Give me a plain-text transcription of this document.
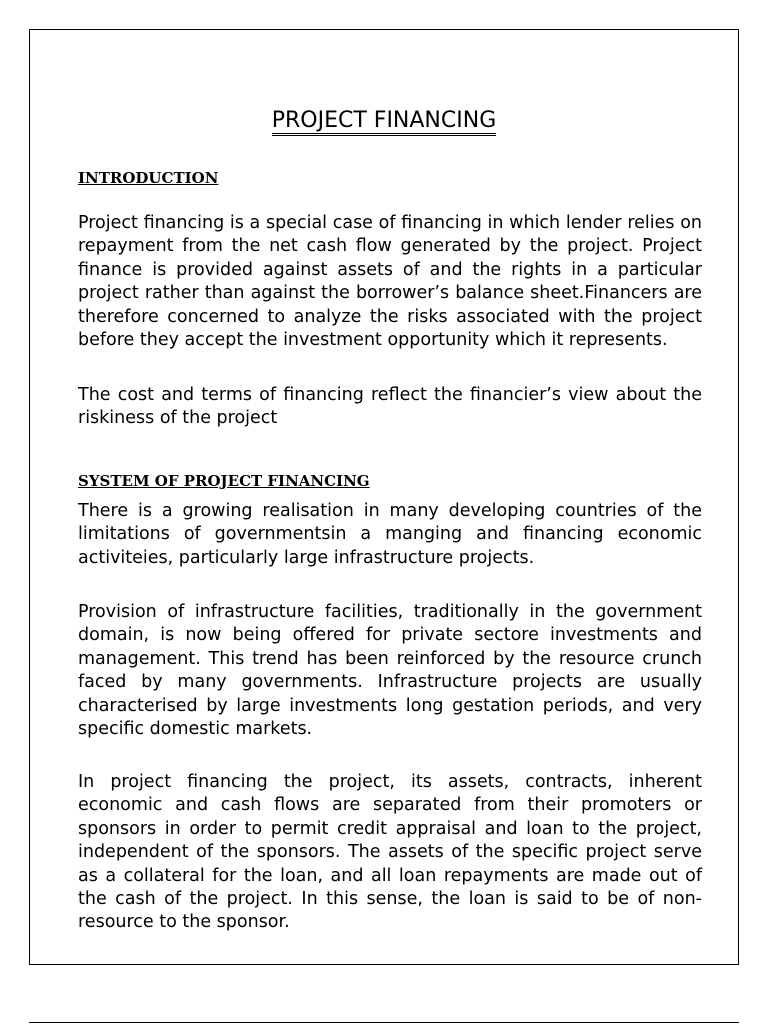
PROJECT FINANCING
INTRODUCTION

Project financing is a special case of financing in which lender relies on repayment from the net cash flow generated by the project. Project finance is provided against assets of and the rights in a particular project rather than against the borrower’s balance sheet.Financers are therefore concerned to analyze the risks associated with the project before they accept the investment opportunity which it represents.

The cost and terms of financing reflect the financier’s view about the riskiness of the project

SYSTEM OF PROJECT FINANCING

There is a growing realisation in many developing countries of the limitations of governmentsin a manging and financing economic activiteies, particularly large infrastructure projects.

Provision of infrastructure facilities, traditionally in the government domain, is now being offered for private sectore investments and management. This trend has been reinforced by the resource crunch faced by many governments. Infrastructure projects are usually characterised by large investments long gestation periods, and very specific domestic markets.

In project financing the project, its assets, contracts, inherent economic and cash flows are separated from their promoters or sponsors in order to permit credit appraisal and loan to the project, independent of the sponsors. The assets of the specific project serve as a collateral for the loan, and all loan repayments are made out of the cash of the project. In this sense, the loan is said to be of non-resource to the sponsor.
